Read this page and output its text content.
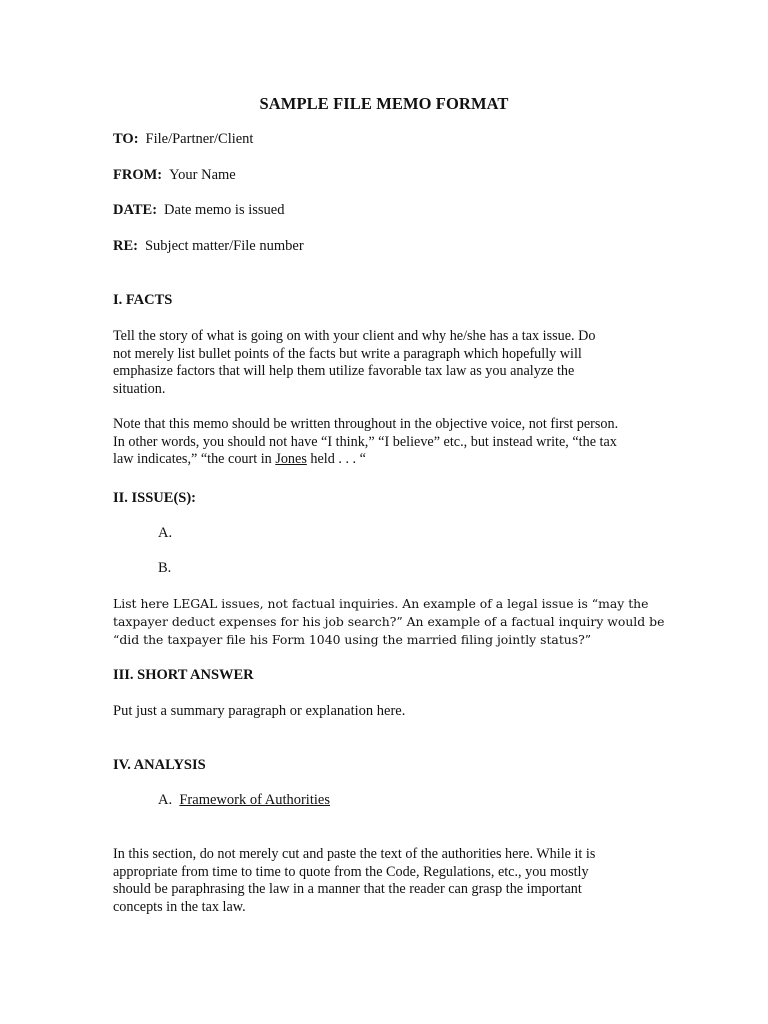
SAMPLE FILE MEMO FORMAT

TO: File/Partner/Client

FROM: Your Name

DATE: Date memo is issued

RE: Subject matter/File number

I. FACTS
Tell the story of what is going on with your client and why he/she has a tax issue. Do
not merely list bullet points of the facts but write a paragraph which hopefully will
emphasize factors that will help them utilize favorable tax law as you analyze the
situation.
Note that this memo should be written throughout in the objective voice, not first person.
In other words, you should not have “I think,” “I believe” etc., but instead write, “the tax
law indicates,” “the court in Jones held . . . “
II. ISSUE(S):

A.

B.

List here LEGAL issues, not factual inquiries. An example of a legal issue is “may the
taxpayer deduct expenses for his job search?” An example of a factual inquiry would be
“did the taxpayer file his Form 1040 using the married filing jointly status?”
III. SHORT ANSWER

Put just a summary paragraph or explanation here.

IV. ANALYSIS

A. Framework of Authorities

In this section, do not merely cut and paste the text of the authorities here. While it is
appropriate from time to time to quote from the Code, Regulations, etc., you mostly
should be paraphrasing the law in a manner that the reader can grasp the important
concepts in the tax law.
